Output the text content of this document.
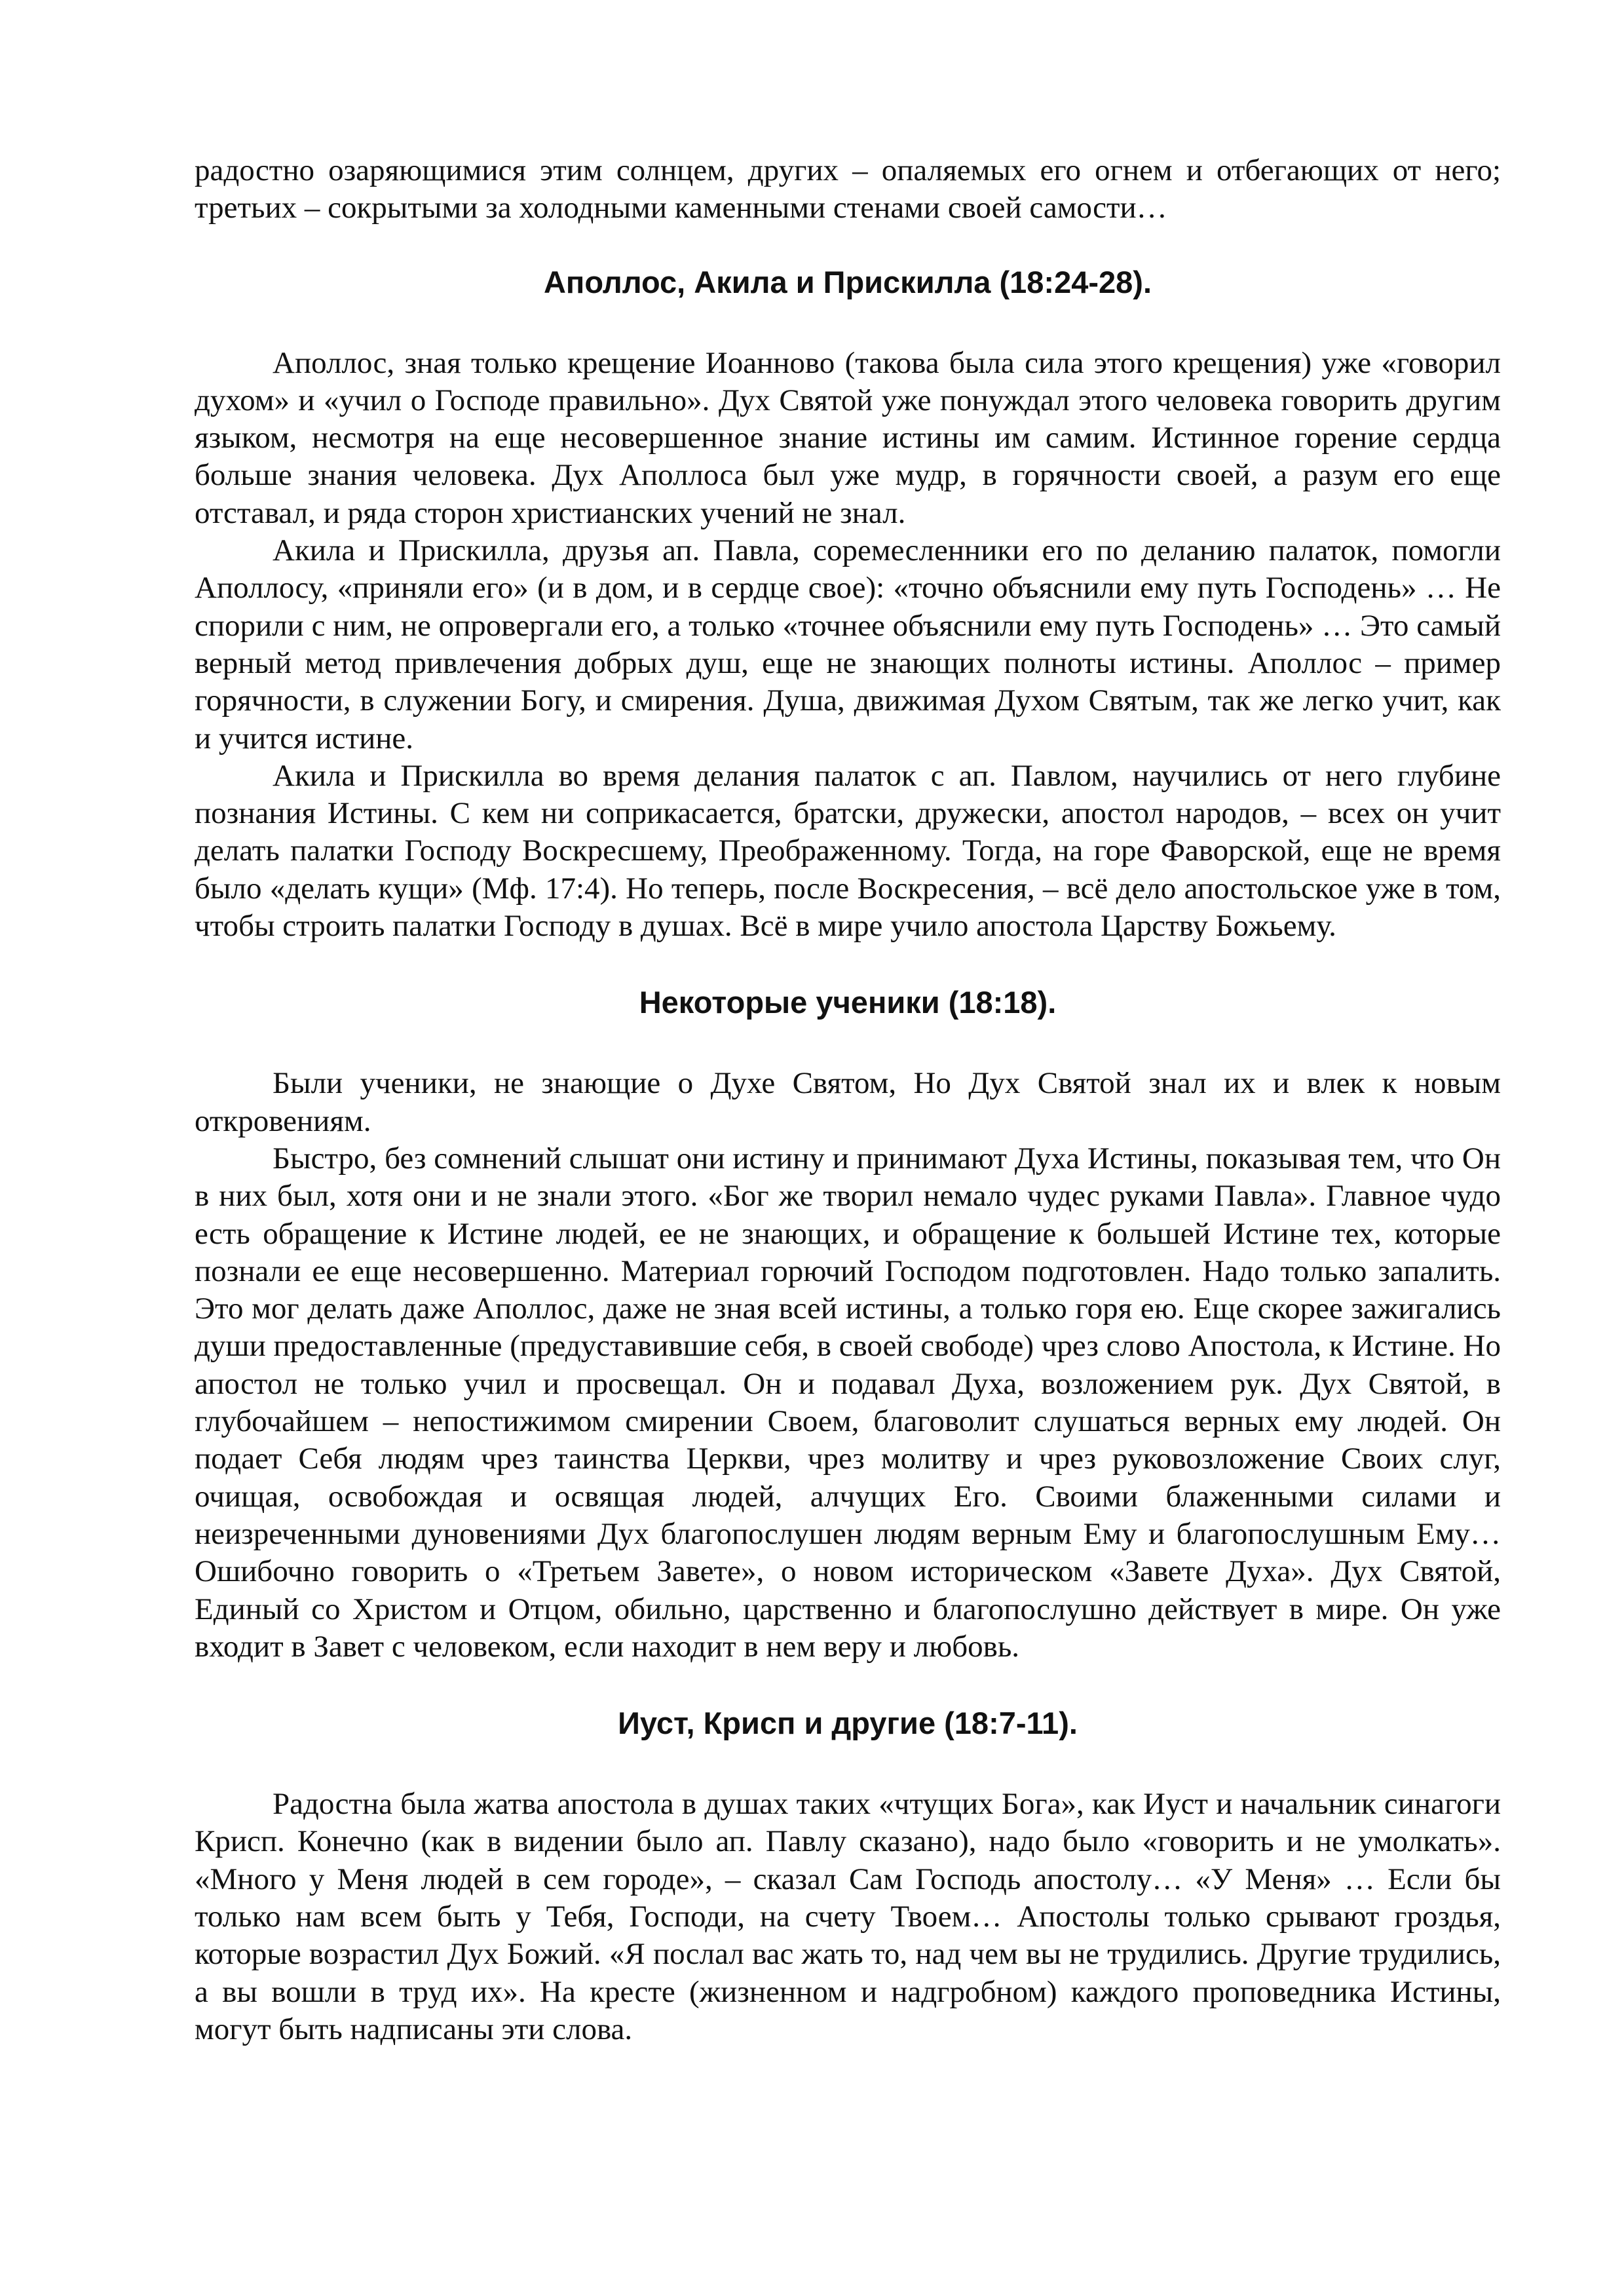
радостно озаряющимися этим солнцем, других – опаляемых его огнем и отбегающих от него; третьих – сокрытыми за холодными каменными стенами своей самости…

Аполлос, Акила и Прискилла (18:24-28).

Аполлос, зная только крещение Иоанново (такова была сила этого крещения) уже «говорил духом» и «учил о Господе правильно». Дух Святой уже понуждал этого человека говорить другим языком, несмотря на еще несовершенное знание истины им самим. Истинное горение сердца больше знания человека. Дух Аполлоса был уже мудр, в горячности своей, а разум его еще отставал, и ряда сторон христианских учений не знал.

Акила и Прискилла, друзья ап. Павла, соремесленники его по деланию палаток, помогли Аполлосу, «приняли его» (и в дом, и в сердце свое): «точно объяснили ему путь Господень» … Не спорили с ним, не опровергали его, а только «точнее объяснили ему путь Господень» … Это самый верный метод привлечения добрых душ, еще не знающих полноты истины. Аполлос – пример горячности, в служении Богу, и смирения. Душа, движимая Духом Святым, так же легко учит, как и учится истине.

Акила и Прискилла во время делания палаток с ап. Павлом, научились от него глубине познания Истины. С кем ни соприкасается, братски, дружески, апостол народов, – всех он учит делать палатки Господу Воскресшему, Преображенному. Тогда, на горе Фаворской, еще не время было «делать кущи» (Мф. 17:4). Но теперь, после Воскресения, – всё дело апостольское уже в том, чтобы строить палатки Господу в душах. Всё в мире учило апостола Царству Божьему.

Некоторые ученики (18:18).

Были ученики, не знающие о Духе Святом, Но Дух Святой знал их и влек к новым откровениям.

Быстро, без сомнений слышат они истину и принимают Духа Истины, показывая тем, что Он в них был, хотя они и не знали этого. «Бог же творил немало чудес руками Павла». Главное чудо есть обращение к Истине людей, ее не знающих, и обращение к большей Истине тех, которые познали ее еще несовершенно. Материал горючий Господом подготовлен. Надо только запалить. Это мог делать даже Аполлос, даже не зная всей истины, а только горя ею. Еще скорее зажигались души предоставленные (предуставившие себя, в своей свободе) чрез слово Апостола, к Истине. Но апостол не только учил и просвещал. Он и подавал Духа, возложением рук. Дух Святой, в глубочайшем – непостижимом смирении Своем, благоволит слушаться верных ему людей. Он подает Себя людям чрез таинства Церкви, чрез молитву и чрез руковозложение Своих слуг, очищая, освобождая и освящая людей, алчущих Его. Своими блаженными силами и неизреченными дуновениями Дух благопослушен людям верным Ему и благопослушным Ему… Ошибочно говорить о «Третьем Завете», о новом историческом «Завете Духа». Дух Святой, Единый со Христом и Отцом, обильно, царственно и благопослушно действует в мире. Он уже входит в Завет с человеком, если находит в нем веру и любовь.

Иуст, Крисп и другие (18:7-11).

Радостна была жатва апостола в душах таких «чтущих Бога», как Иуст и начальник синагоги Крисп. Конечно (как в видении было ап. Павлу сказано), надо было «говорить и не умолкать». «Много у Меня людей в сем городе», – сказал Сам Господь апостолу… «У Меня» … Если бы только нам всем быть у Тебя, Господи, на счету Твоем… Апостолы только срывают гроздья, которые возрастил Дух Божий. «Я послал вас жать то, над чем вы не трудились. Другие трудились, а вы вошли в труд их». На кресте (жизненном и надгробном) каждого проповедника Истины, могут быть надписаны эти слова.
